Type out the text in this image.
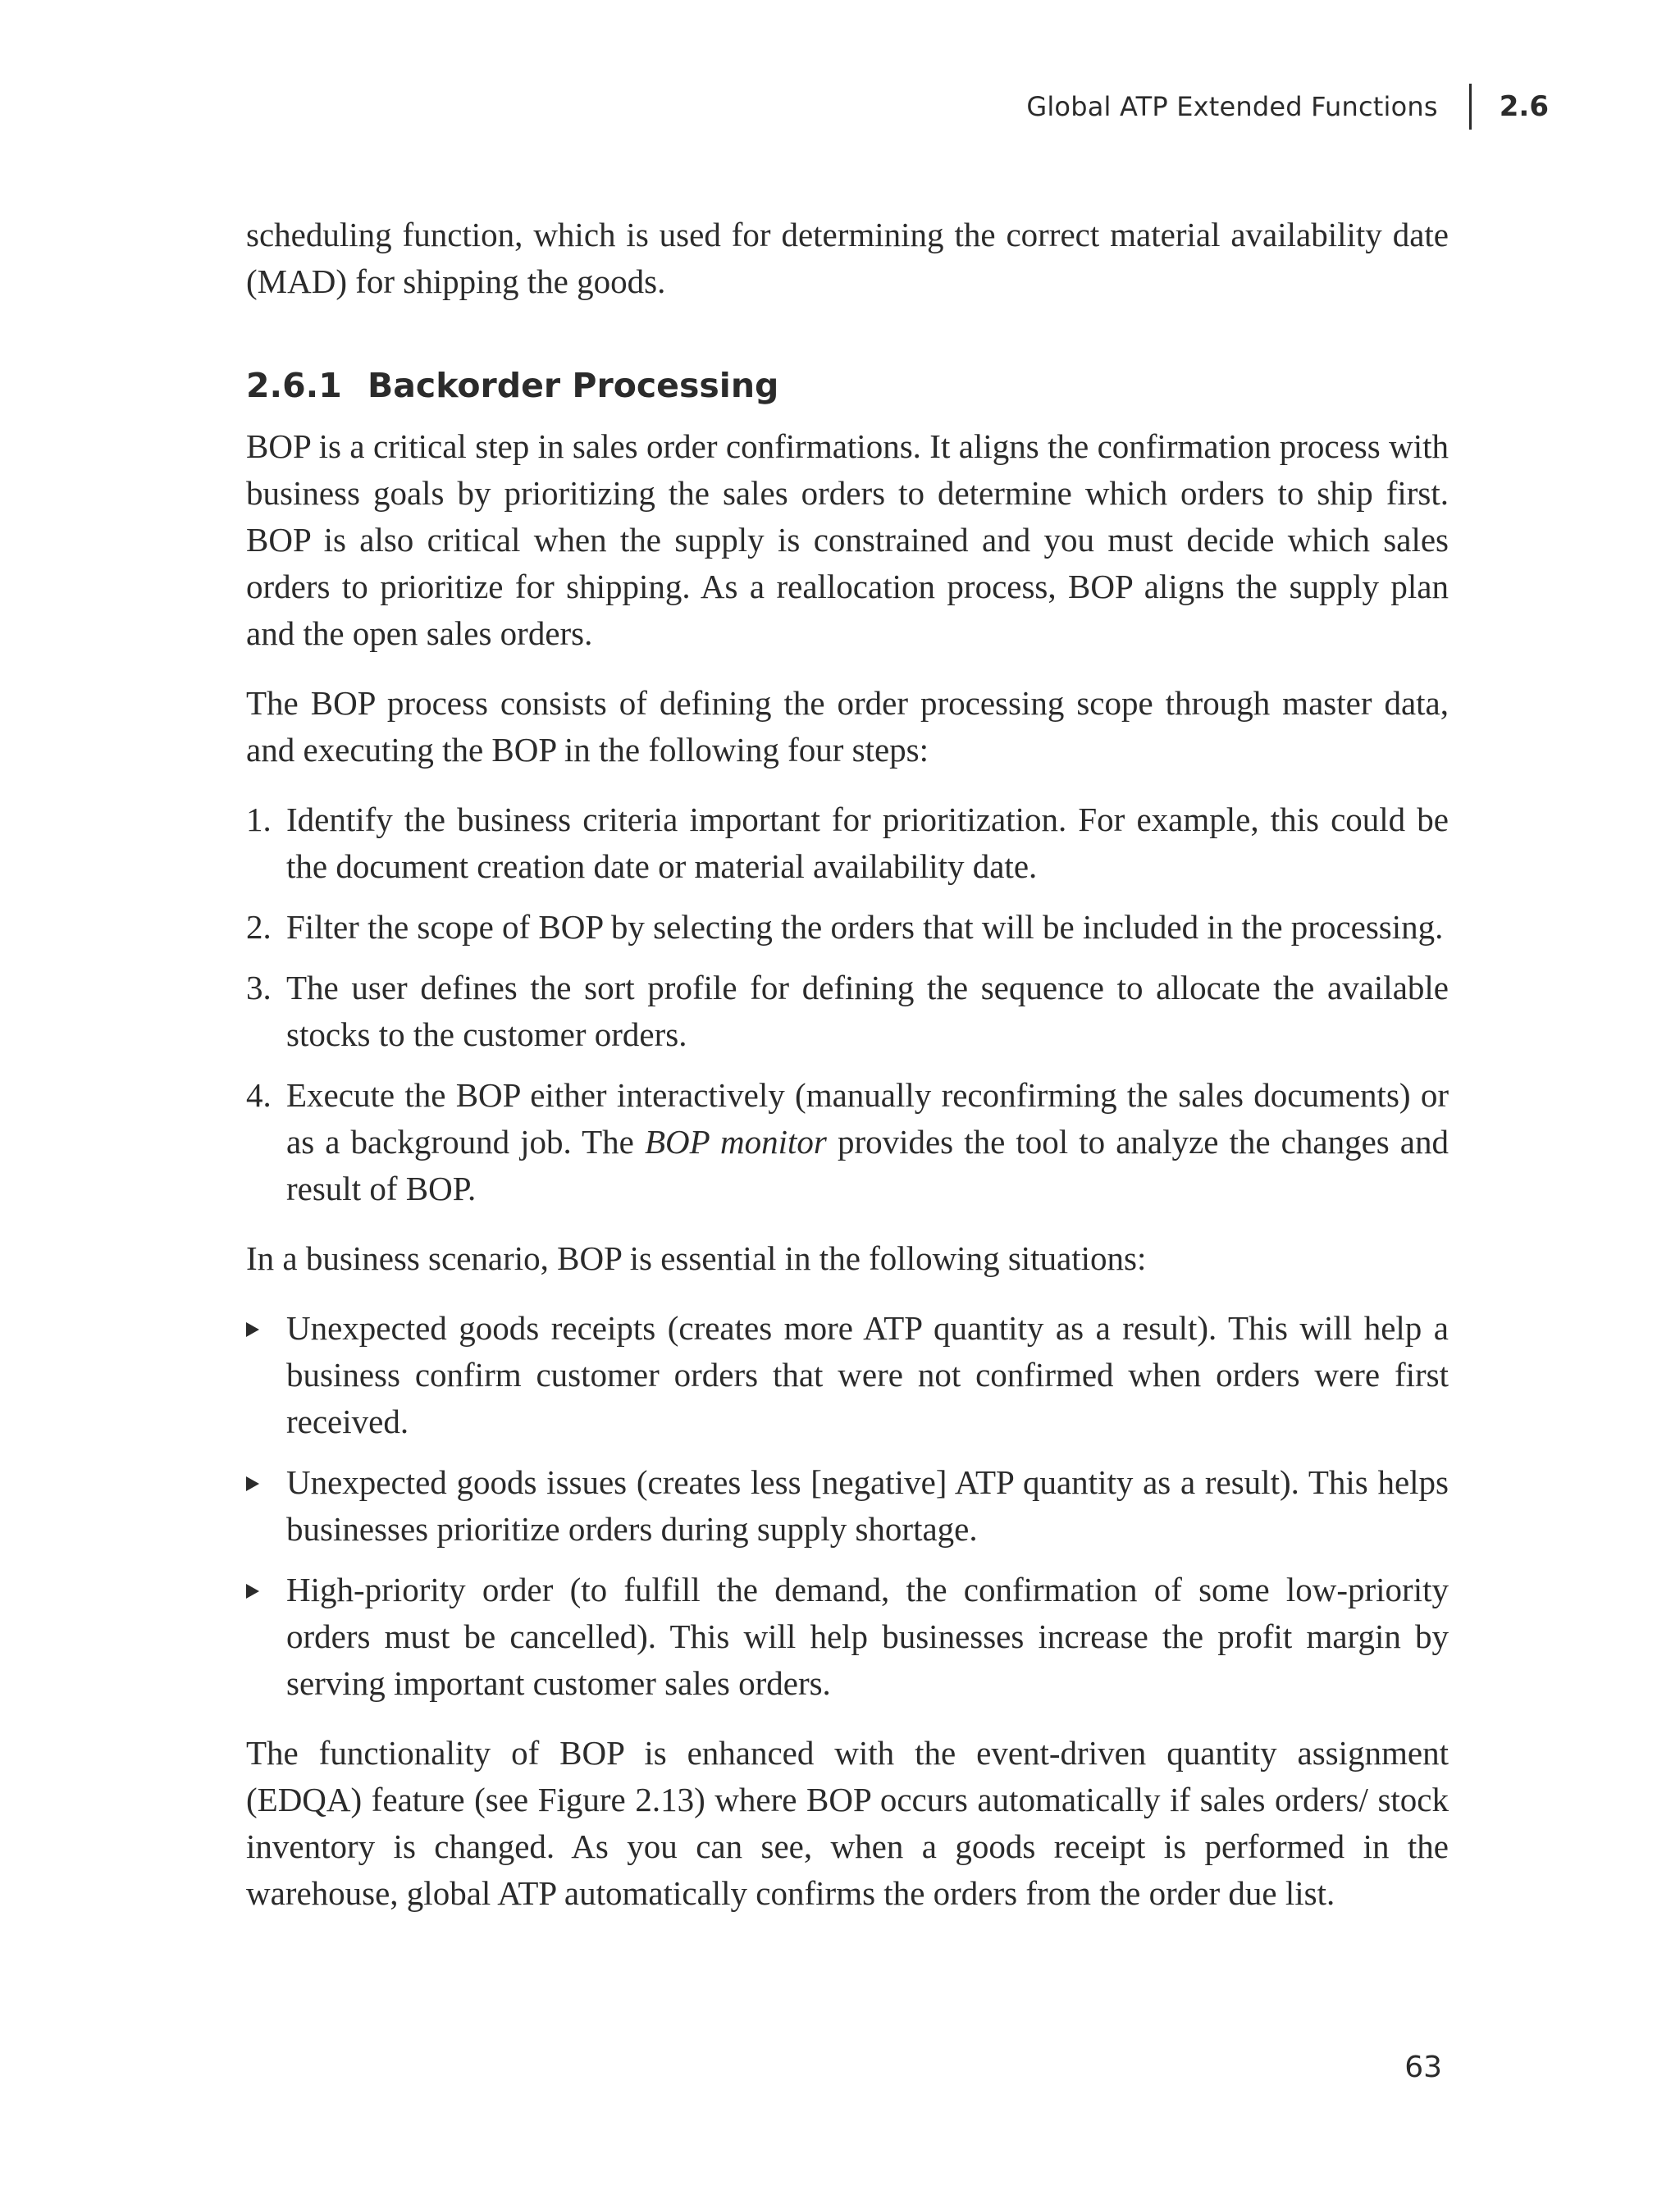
Global ATP Extended Functions 2.6

scheduling function, which is used for determining the correct material availability date (MAD) for shipping the goods.

2.6.1 Backorder Processing

BOP is a critical step in sales order confirmations. It aligns the confirmation process with business goals by prioritizing the sales orders to determine which orders to ship first. BOP is also critical when the supply is constrained and you must decide which sales orders to prioritize for shipping. As a reallocation process, BOP aligns the supply plan and the open sales orders.

The BOP process consists of defining the order processing scope through master data, and executing the BOP in the following four steps:

1. Identify the business criteria important for prioritization. For example, this could be the document creation date or material availability date.
2. Filter the scope of BOP by selecting the orders that will be included in the processing.
3. The user defines the sort profile for defining the sequence to allocate the available stocks to the customer orders.
4. Execute the BOP either interactively (manually reconfirming the sales documents) or as a background job. The BOP monitor provides the tool to analyze the changes and result of BOP.

In a business scenario, BOP is essential in the following situations:

Unexpected goods receipts (creates more ATP quantity as a result). This will help a business confirm customer orders that were not confirmed when orders were first received.
Unexpected goods issues (creates less [negative] ATP quantity as a result). This helps businesses prioritize orders during supply shortage.
High-priority order (to fulfill the demand, the confirmation of some low-priority orders must be cancelled). This will help businesses increase the profit margin by serving important customer sales orders.

The functionality of BOP is enhanced with the event-driven quantity assignment (EDQA) feature (see Figure 2.13) where BOP occurs automatically if sales orders/ stock inventory is changed. As you can see, when a goods receipt is performed in the warehouse, global ATP automatically confirms the orders from the order due list.

63
